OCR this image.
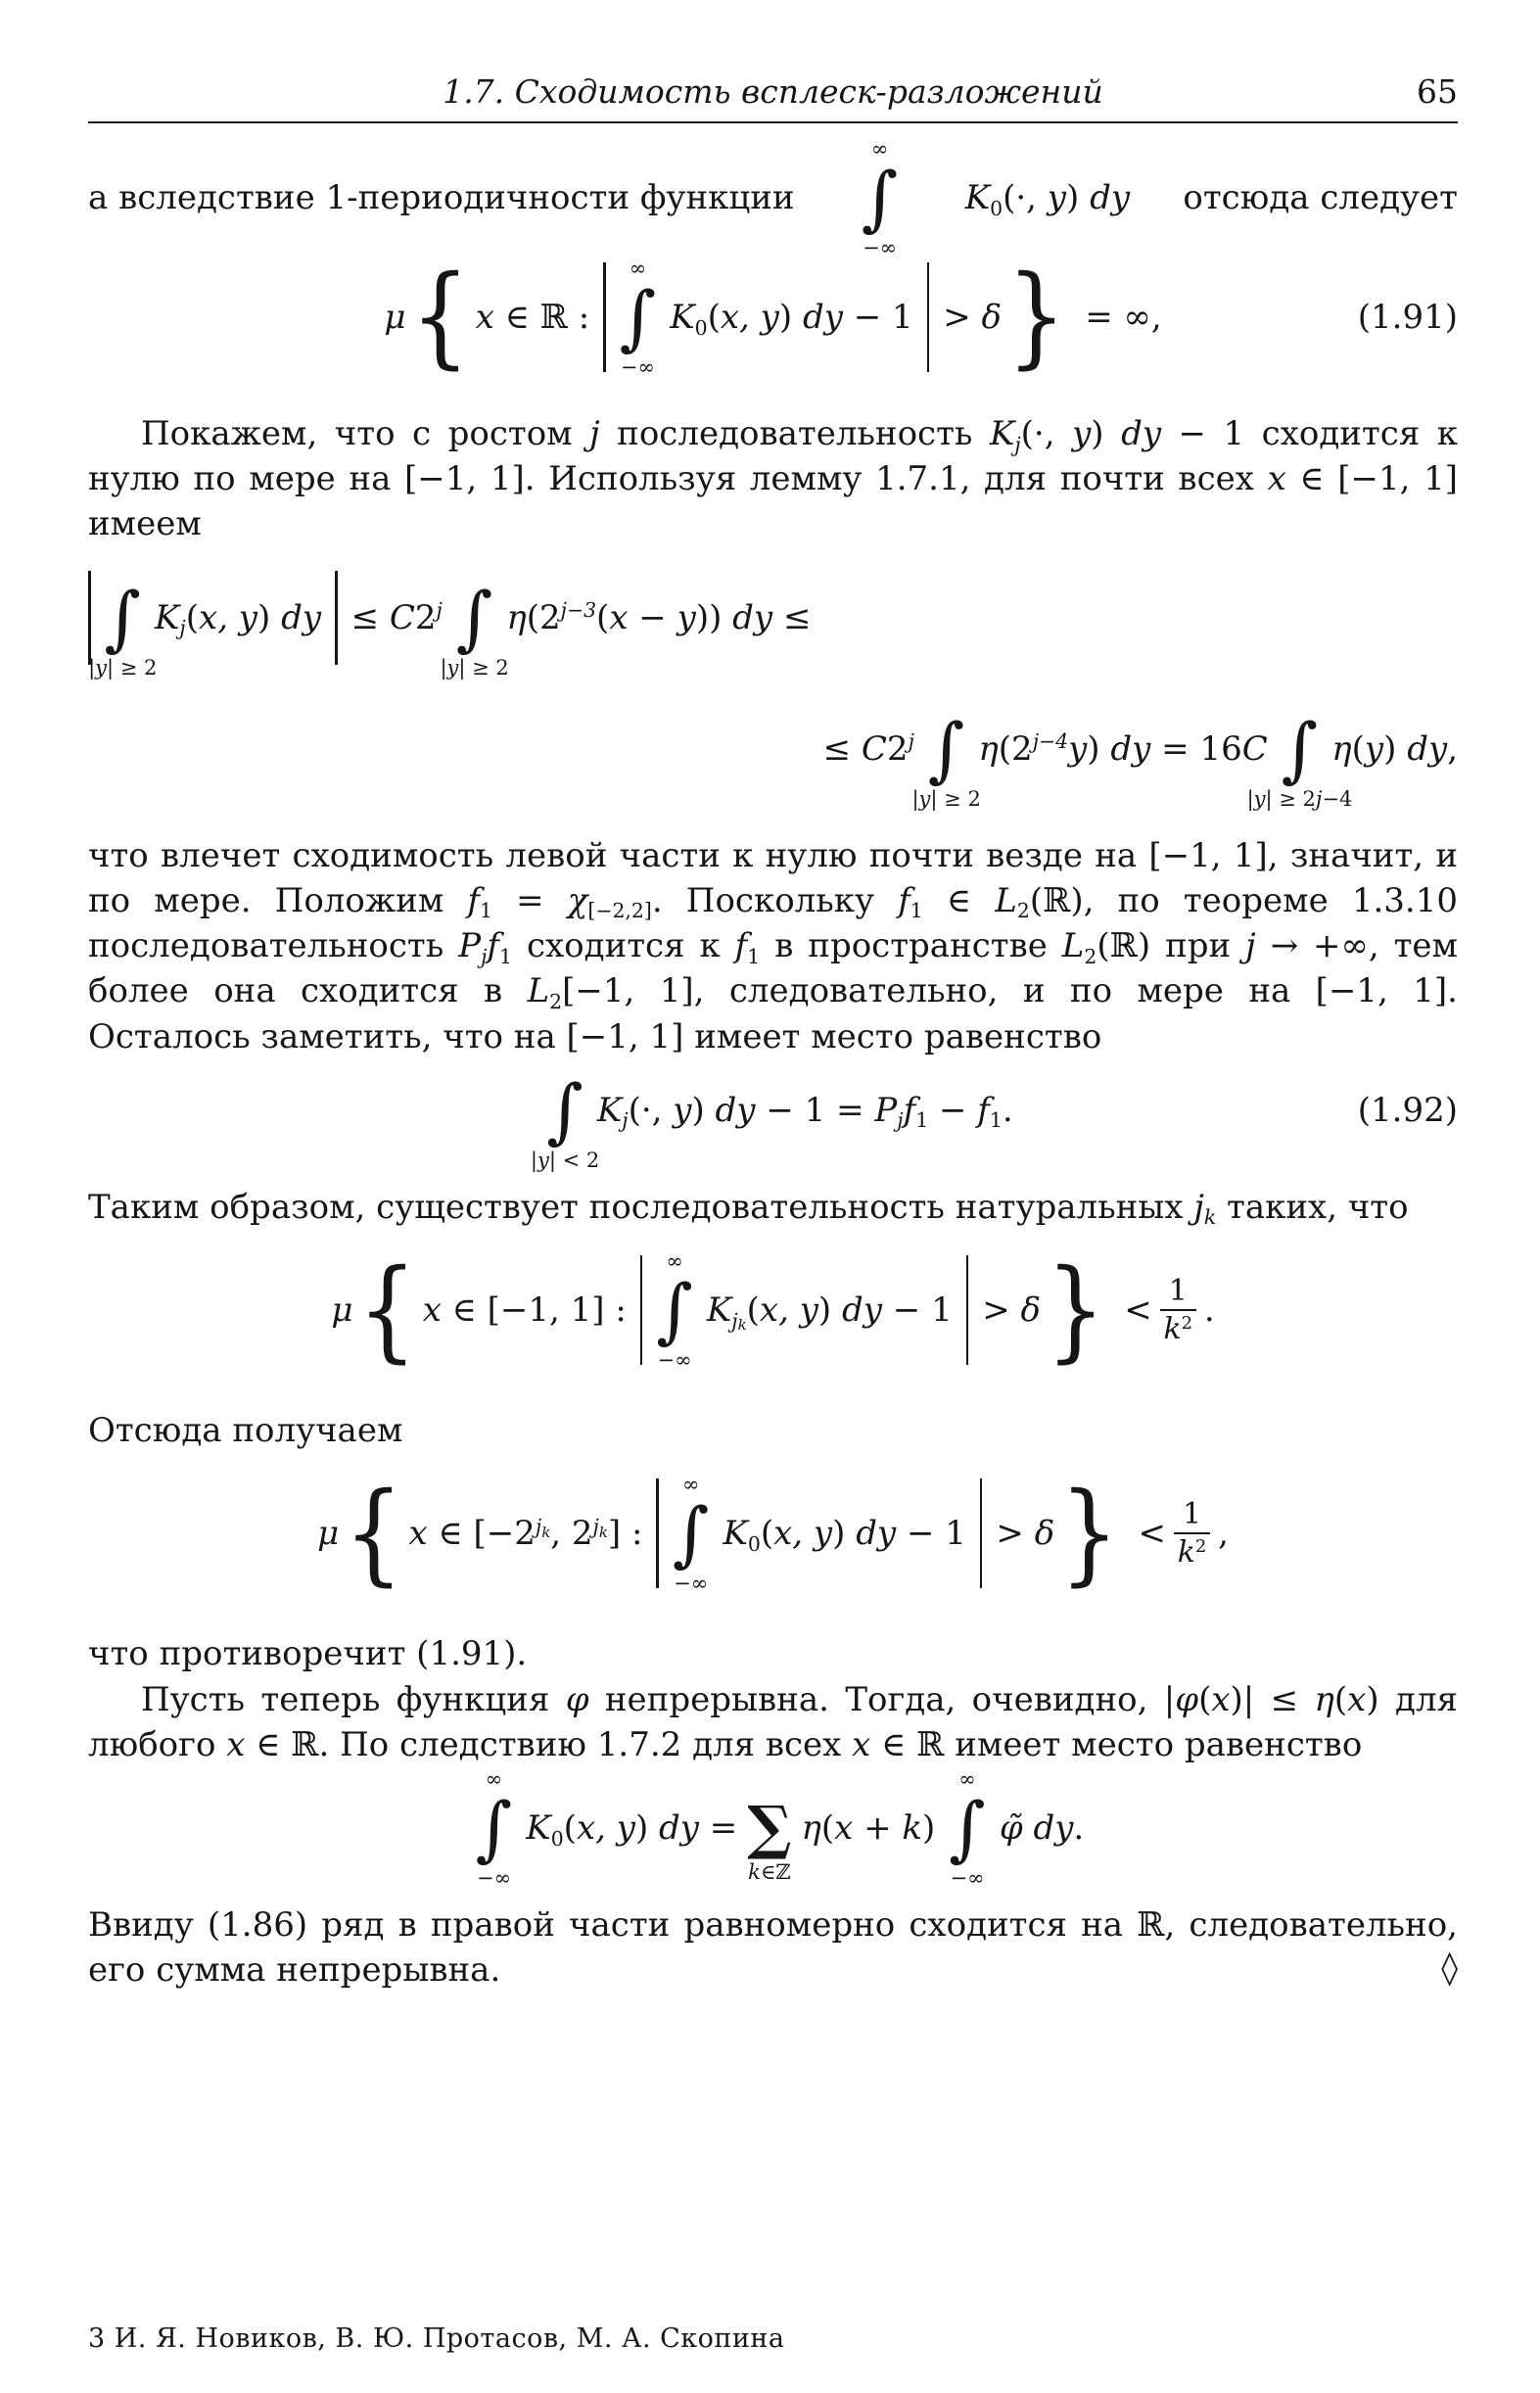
1.7. Сходимость всплеск-разложений	65
а вследствие 1-периодичности функции
∞
∫
−∞
K0(·, y) dy отсюда следует
μ { x ∈ ℝ :
∞
∫
−∞
K0(x, y) dy − 1 > δ } = ∞,	(1.91)
Покажем, что с ростом j последовательность Kj(·, y) dy − 1 сходится к нулю по мере на [−1, 1]. Используя лемму 1.7.1, для почти всех x ∈ [−1, 1] имеем
∫
|y| ≥ 2
Kj(x, y) dy ≤ $C2^j$ ∫
|y| ≥ 2
$\eta(2^{j-3}(x - y))$ dy ≤
≤ $C2^j$ ∫
|y| ≥ 2
$\eta(2^{j-4}y)$ dy = 16C ∫
|y| ≥ 2j−4
η(y) dy,
что влечет сходимость левой части к нулю почти везде на [−1, 1], значит, и по мере. Положим f1 = χ[−2,2]. Поскольку f1 ∈ L2(ℝ), по теореме 1.3.10 последовательность Pjf1 сходится к f1 в пространстве L2(ℝ) при j → +∞, тем более она сходится в L2[−1, 1], следовательно, и по мере на [−1, 1]. Осталось заметить, что на [−1, 1] имеет место равенство
∫
|y| < 2
Kj(·, y) dy − 1 = Pjf1 − f1.	(1.92)
Таким образом, существует последовательность натуральных jk таких, что
μ { x ∈ [−1, 1] :
∞
∫
−∞
$Kj_k(x$, y) dy − 1 > δ } < $\frac{1}{k^2}$ .
Отсюда получаем
μ { x ∈ [$-2^{jk}$, $2^{jk}$] :
∞
∫
−∞
K0(x, y) dy − 1 > δ } < $\frac{1}{k^2}$ ,
что противоречит (1.91).
Пусть теперь функция φ непрерывна. Тогда, очевидно, |φ(x)| ≤ η(x) для любого x ∈ ℝ. По следствию 1.7.2 для всех x ∈ ℝ имеет место равенство
∞
∫
−∞
K0(x, y) dy = ∑
k∈ℤ
η(x + k)
∞
∫
−∞
φ̃ dy.
Ввиду (1.86) ряд в правой части равномерно сходится на ℝ, следовательно, его сумма непрерывна.	◊
3 И. Я. Новиков, В. Ю. Протасов, М. А. Скопина
